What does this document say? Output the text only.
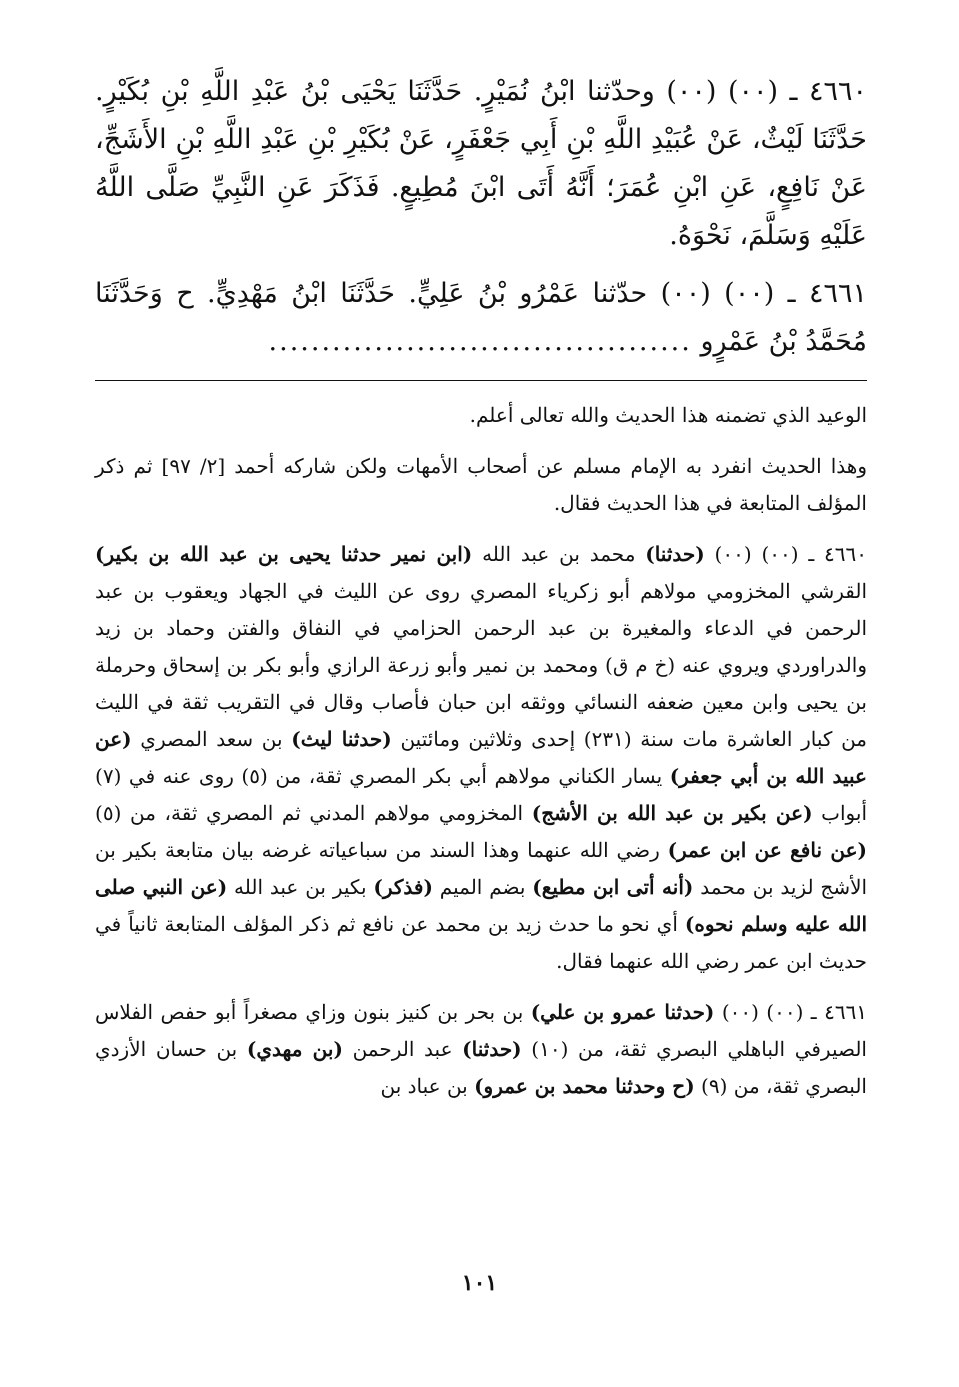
٤٦٦٠ ـ (٠٠) (٠٠) وحدّثنا ابْنُ نُمَيْرٍ. حَدَّثَنَا يَحْيَى بْنُ عَبْدِ اللَّهِ بْنِ بُكَيْرٍ. حَدَّثَنَا لَيْثٌ، عَنْ عُبَيْدِ اللَّهِ بْنِ أَبِي جَعْفَرٍ، عَنْ بُكَيْرِ بْنِ عَبْدِ اللَّهِ بْنِ الأَشَجِّ، عَنْ نَافِعٍ، عَنِ ابْنِ عُمَرَ؛ أَنَّهُ أَتَى ابْنَ مُطِيعٍ. فَذَكَرَ عَنِ النَّبِيِّ صَلَّى اللَّهُ عَلَيْهِ وَسَلَّمَ، نَحْوَهُ.

٤٦٦١ ـ (٠٠) (٠٠) حدّثنا عَمْرُو بْنُ عَلِيٍّ. حَدَّثَنَا ابْنُ مَهْدِيٍّ. ح وَحَدَّثَنَا مُحَمَّدُ بْنُ عَمْرٍو ........................................

الوعيد الذي تضمنه هذا الحديث والله تعالى أعلم.

وهذا الحديث انفرد به الإمام مسلم عن أصحاب الأمهات ولكن شاركه أحمد [٢/ ٩٧] ثم ذكر المؤلف المتابعة في هذا الحديث فقال.

٤٦٦٠ ـ (٠٠) (٠٠) (حدثنا) محمد بن عبد الله (ابن نمير حدثنا يحيى بن عبد الله بن بكير) القرشي المخزومي مولاهم أبو زكرياء المصري روى عن الليث في الجهاد ويعقوب بن عبد الرحمن في الدعاء والمغيرة بن عبد الرحمن الحزامي في النفاق والفتن وحماد بن زيد والدراوردي ويروي عنه (خ م ق) ومحمد بن نمير وأبو زرعة الرازي وأبو بكر بن إسحاق وحرملة بن يحيى وابن معين ضعفه النسائي ووثقه ابن حبان فأصاب وقال في التقريب ثقة في الليث من كبار العاشرة مات سنة (٢٣١) إحدى وثلاثين ومائتين (حدثنا ليث) بن سعد المصري (عن عبيد الله بن أبي جعفر) يسار الكناني مولاهم أبي بكر المصري ثقة، من (٥) روى عنه في (٧) أبواب (عن بكير بن عبد الله بن الأشج) المخزومي مولاهم المدني ثم المصري ثقة، من (٥) (عن نافع عن ابن عمر) رضي الله عنهما وهذا السند من سباعياته غرضه بيان متابعة بكير بن الأشج لزيد بن محمد (أنه أتى ابن مطيع) بضم الميم (فذكر) بكير بن عبد الله (عن النبي صلى الله عليه وسلم نحوه) أي نحو ما حدث زيد بن محمد عن نافع ثم ذكر المؤلف المتابعة ثانياً في حديث ابن عمر رضي الله عنهما فقال.

٤٦٦١ ـ (٠٠) (٠٠) (حدثنا عمرو بن علي) بن بحر بن كنيز بنون وزاي مصغراً أبو حفص الفلاس الصيرفي الباهلي البصري ثقة، من (١٠) (حدثنا) عبد الرحمن (بن مهدي) بن حسان الأزدي البصري ثقة، من (٩) (ح وحدثنا محمد بن عمرو) بن عباد بن

١٠١
